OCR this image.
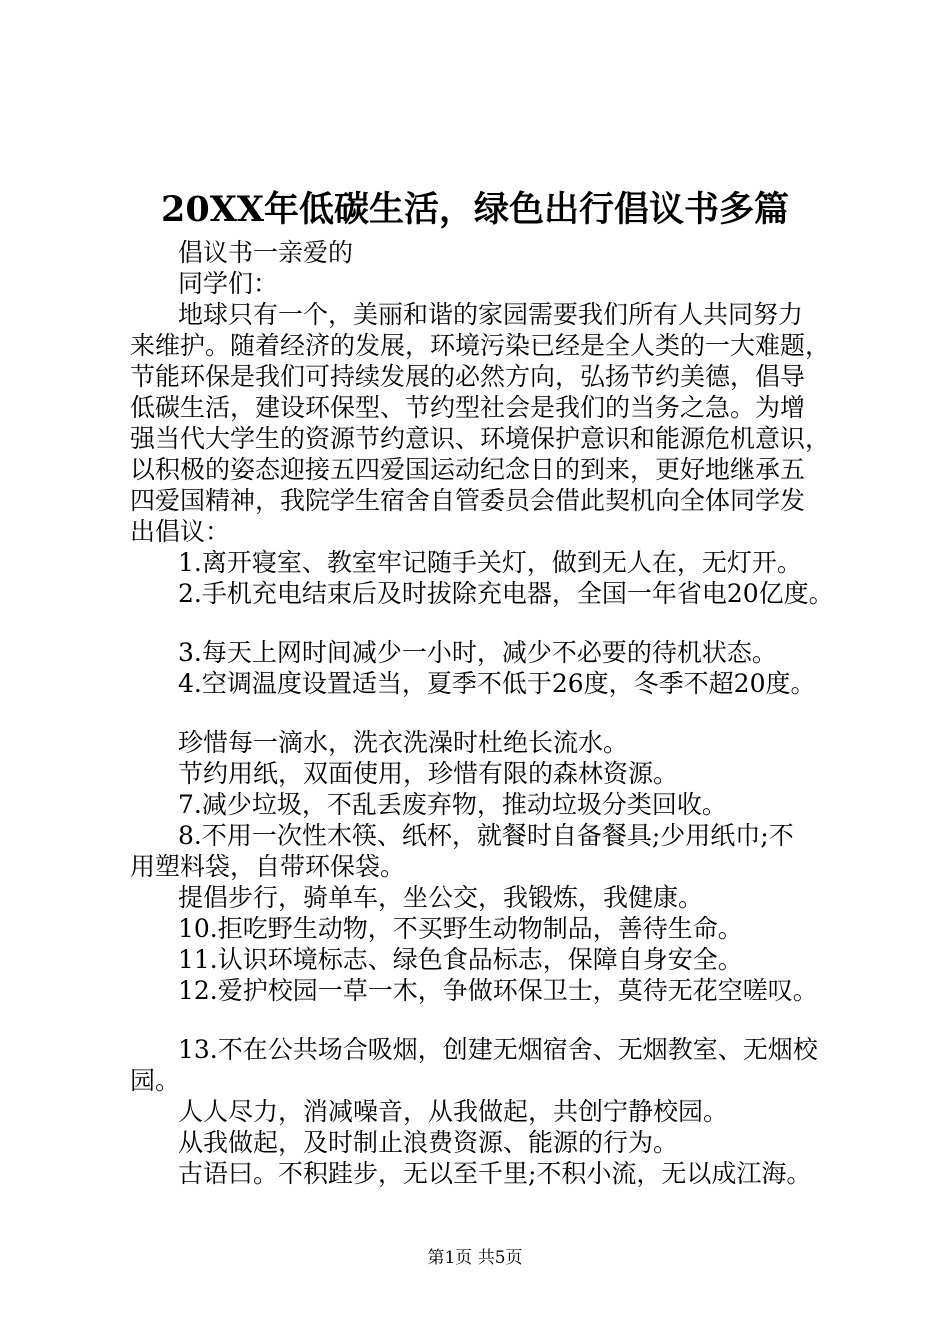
20XX年低碳生活，绿色出行倡议书多篇
倡议书一亲爱的
同学们：
地球只有一个，美丽和谐的家园需要我们所有人共同努力
来维护。随着经济的发展，环境污染已经是全人类的一大难题，
节能环保是我们可持续发展的必然方向，弘扬节约美德，倡导
低碳生活，建设环保型、节约型社会是我们的当务之急。为增
强当代大学生的资源节约意识、环境保护意识和能源危机意识，
以积极的姿态迎接五四爱国运动纪念日的到来，更好地继承五
四爱国精神，我院学生宿舍自管委员会借此契机向全体同学发
出倡议：
1.离开寝室、教室牢记随手关灯，做到无人在，无灯开。
2.手机充电结束后及时拔除充电器，全国一年省电20亿度。
3.每天上网时间减少一小时，减少不必要的待机状态。
4.空调温度设置适当，夏季不低于26度，冬季不超20度。
珍惜每一滴水，洗衣洗澡时杜绝长流水。
节约用纸，双面使用，珍惜有限的森林资源。
7.减少垃圾，不乱丢废弃物，推动垃圾分类回收。
8.不用一次性木筷、纸杯，就餐时自备餐具;少用纸巾;不
用塑料袋，自带环保袋。
提倡步行，骑单车，坐公交，我锻炼，我健康。
10.拒吃野生动物，不买野生动物制品，善待生命。
11.认识环境标志、绿色食品标志，保障自身安全。
12.爱护校园一草一木，争做环保卫士，莫待无花空嗟叹。
13.不在公共场合吸烟，创建无烟宿舍、无烟教室、无烟校
园。
人人尽力，消减噪音，从我做起，共创宁静校园。
从我做起，及时制止浪费资源、能源的行为。
古语曰。不积跬步，无以至千里;不积小流，无以成江海。
第1页 共5页
